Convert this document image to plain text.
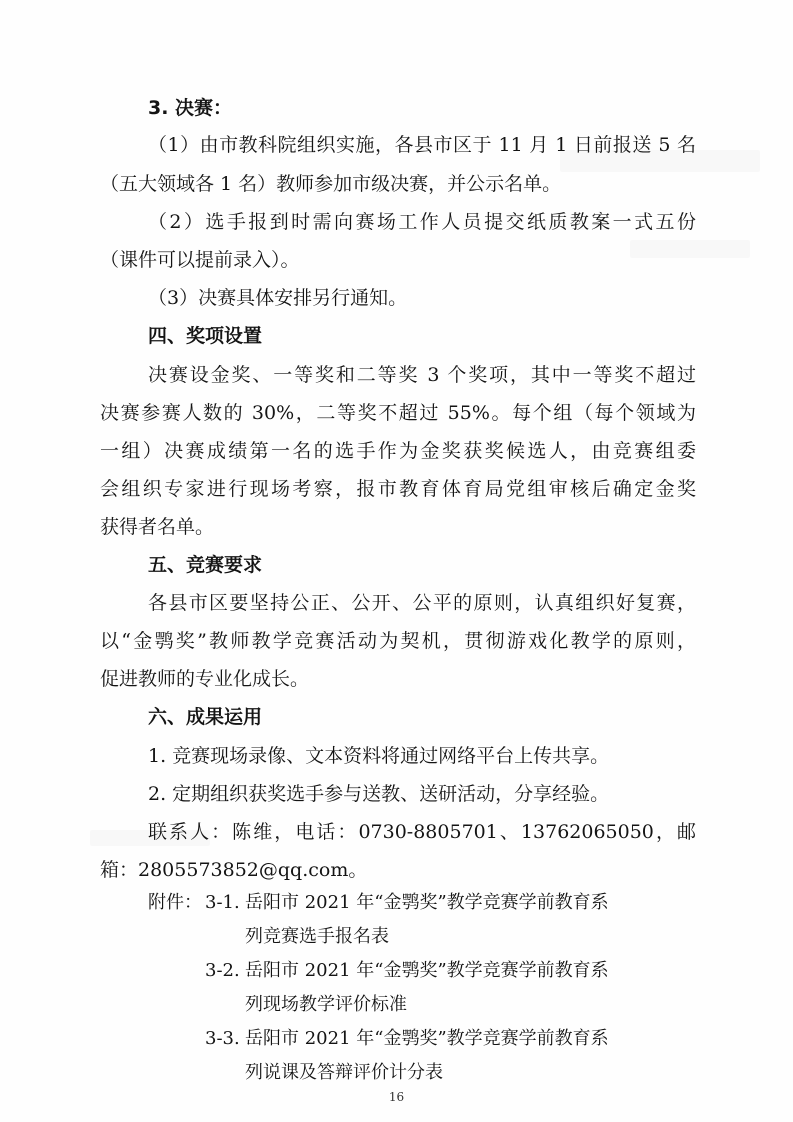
3. 决赛：
（1）由市教科院组织实施，各县市区于 11 月 1 日前报送 5 名
（五大领域各 1 名）教师参加市级决赛，并公示名单。
（2）选手报到时需向赛场工作人员提交纸质教案一式五份
（课件可以提前录入）。
（3）决赛具体安排另行通知。
四、奖项设置
决赛设金奖、一等奖和二等奖 3 个奖项，其中一等奖不超过
决赛参赛人数的 30%，二等奖不超过 55%。每个组（每个领域为
一组）决赛成绩第一名的选手作为金奖获奖候选人，由竞赛组委
会组织专家进行现场考察，报市教育体育局党组审核后确定金奖
获得者名单。
五、竞赛要求
各县市区要坚持公正、公开、公平的原则，认真组织好复赛，
以“金鹗奖”教师教学竞赛活动为契机，贯彻游戏化教学的原则，
促进教师的专业化成长。
六、成果运用
1. 竞赛现场录像、文本资料将通过网络平台上传共享。
2. 定期组织获奖选手参与送教、送研活动，分享经验。
联系人：陈维，电话：0730-8805701、13762065050，邮
箱：2805573852@qq.com。
附件： 3-1. 岳阳市 2021 年“金鹗奖”教学竞赛学前教育系
列竞赛选手报名表
3-2. 岳阳市 2021 年“金鹗奖”教学竞赛学前教育系
列现场教学评价标准
3-3. 岳阳市 2021 年“金鹗奖”教学竞赛学前教育系
列说课及答辩评价计分表
16
